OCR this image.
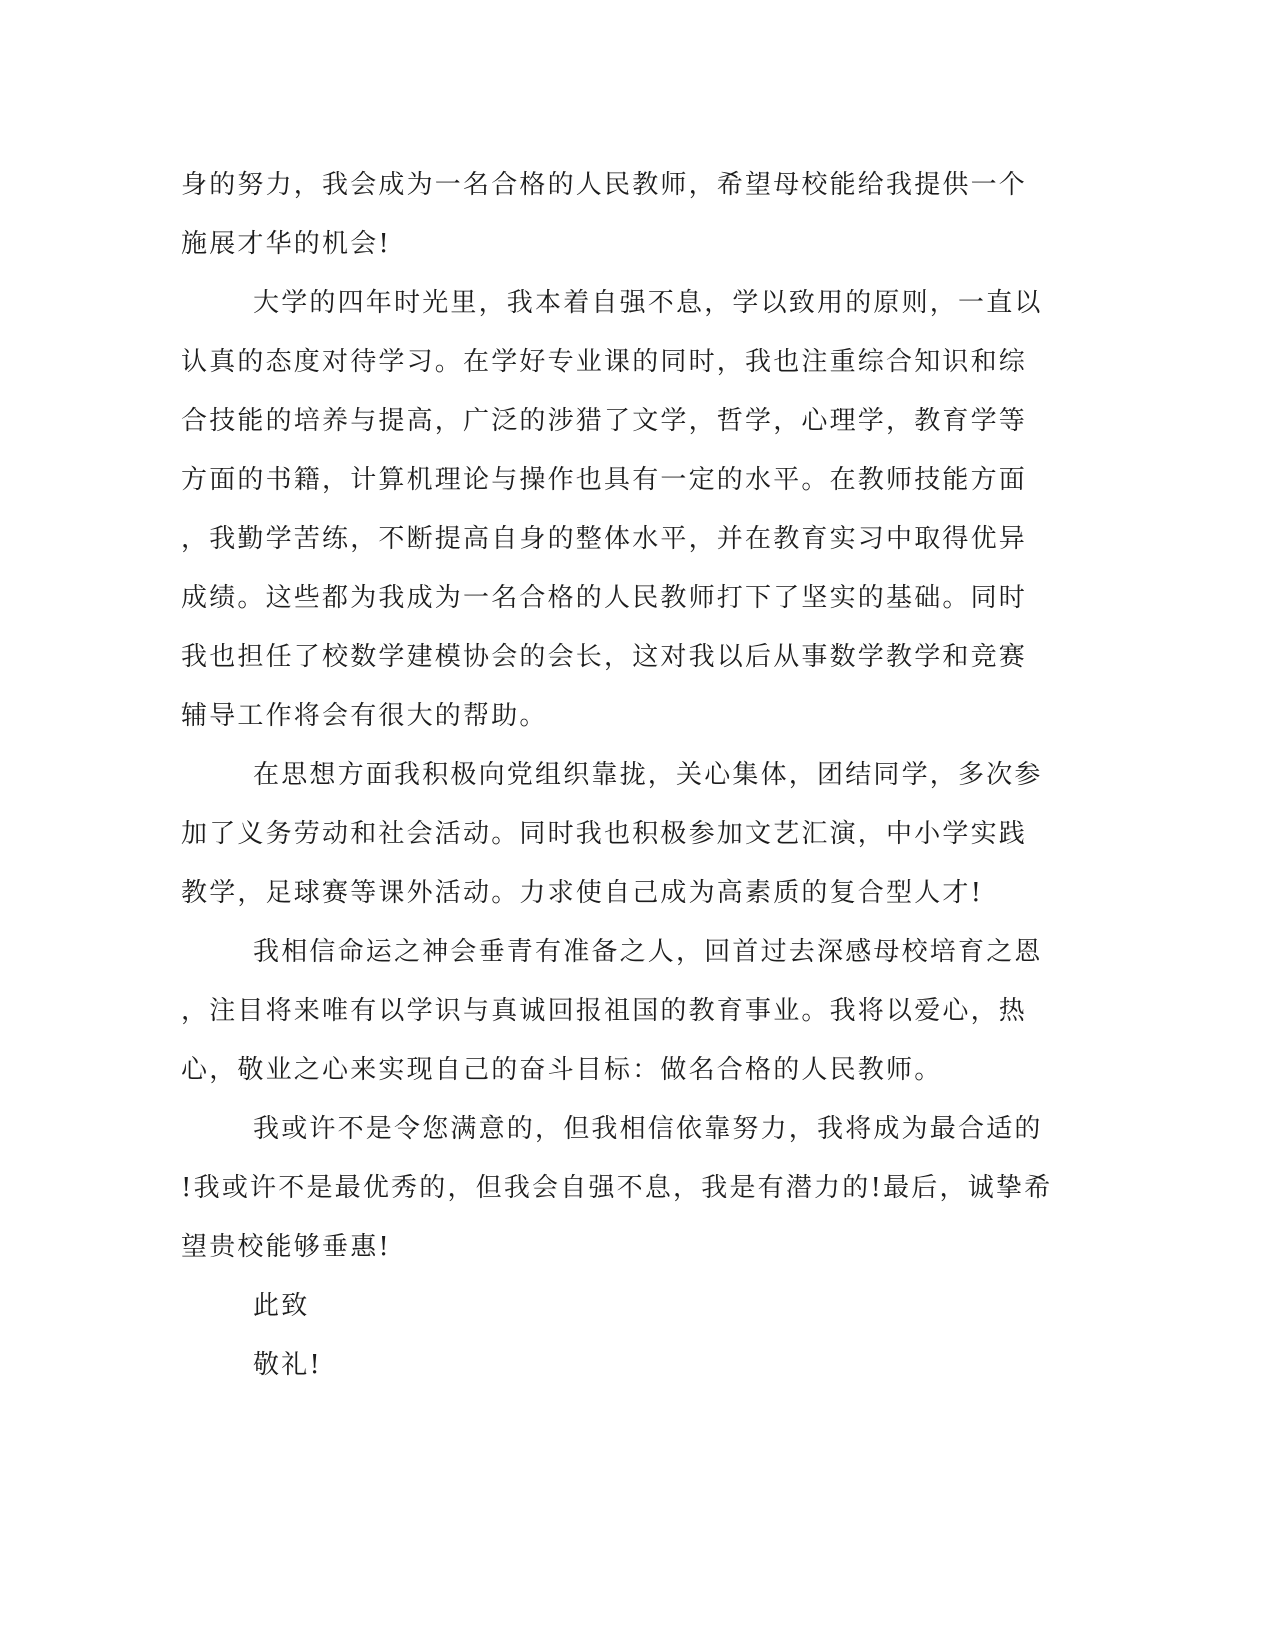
身的努力，我会成为一名合格的人民教师，希望母校能给我提供一个
施展才华的机会!
大学的四年时光里，我本着自强不息，学以致用的原则，一直以
认真的态度对待学习。在学好专业课的同时，我也注重综合知识和综
合技能的培养与提高，广泛的涉猎了文学，哲学，心理学，教育学等
方面的书籍，计算机理论与操作也具有一定的水平。在教师技能方面
，我勤学苦练，不断提高自身的整体水平，并在教育实习中取得优异
成绩。这些都为我成为一名合格的人民教师打下了坚实的基础。同时
我也担任了校数学建模协会的会长，这对我以后从事数学教学和竞赛
辅导工作将会有很大的帮助。
在思想方面我积极向党组织靠拢，关心集体，团结同学，多次参
加了义务劳动和社会活动。同时我也积极参加文艺汇演，中小学实践
教学，足球赛等课外活动。力求使自己成为高素质的复合型人才!
我相信命运之神会垂青有准备之人，回首过去深感母校培育之恩
，注目将来唯有以学识与真诚回报祖国的教育事业。我将以爱心，热
心，敬业之心来实现自己的奋斗目标：做名合格的人民教师。
我或许不是令您满意的，但我相信依靠努力，我将成为最合适的
!我或许不是最优秀的，但我会自强不息，我是有潜力的!最后，诚挚希
望贵校能够垂惠!
此致
敬礼!
